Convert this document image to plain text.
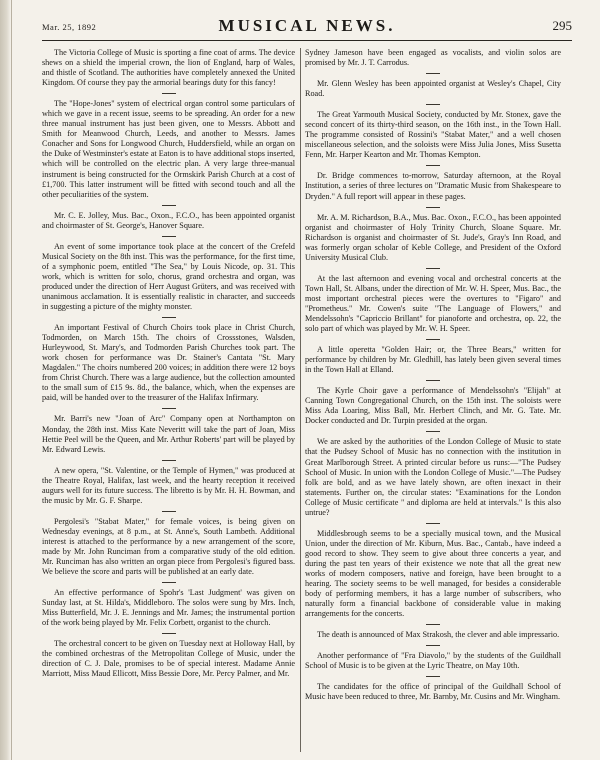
Mar. 25, 1892	MUSICAL NEWS.	295

The Victoria College of Music is sporting a fine coat of arms. The device shews on a shield the imperial crown, the lion of England, harp of Wales, and thistle of Scotland. The authorities have completely annexed the United Kingdom. Of course they pay the armorial bearings duty for this fancy!

The "Hope-Jones" system of electrical organ control some particulars of which we gave in a recent issue, seems to be spreading. An order for a new three manual instrument has just been given, one to Messrs. Abbott and Smith for Meanwood Church, Leeds, and another to Messrs. James Conacher and Sons for Longwood Church, Huddersfield, while an organ on the Duke of Westminster's estate at Eaton is to have additional stops inserted, which will be controlled on the electric plan. A very large three-manual instrument is being constructed for the Ormskirk Parish Church at a cost of £1,700. This latter instrument will be fitted with second touch and all the other peculiarities of the system.

Mr. C. E. Jolley, Mus. Bac., Oxon., F.C.O., has been appointed organist and choirmaster of St. George's, Hanover Square.

An event of some importance took place at the concert of the Crefeld Musical Society on the 8th inst. This was the performance, for the first time, of a symphonic poem, entitled "The Sea," by Louis Nicode, op. 31. This work, which is written for solo, chorus, grand orchestra and organ, was produced under the direction of Herr August Grüters, and was received with unanimous acclamation. It is essentially realistic in character, and succeeds in suggesting a picture of the mighty monster.

An important Festival of Church Choirs took place in Christ Church, Todmorden, on March 15th. The choirs of Crossstones, Walsden, Hurleywood, St. Mary's, and Todmorden Parish Churches took part. The work chosen for performance was Dr. Stainer's Cantata "St. Mary Magdalen." The choirs numbered 200 voices; in addition there were 12 boys from Christ Church. There was a large audience, but the collection amounted to the small sum of £15 9s. 8d., the balance, which, when the expenses are paid, will be handed over to the treasurer of the Halifax Infirmary.

Mr. Barri's new "Joan of Arc" Company open at Northampton on Monday, the 28th inst. Miss Kate Neveritt will take the part of Joan, Miss Hettie Peel will be the Queen, and Mr. Arthur Roberts' part will be played by Mr. Edward Lewis.

A new opera, "St. Valentine, or the Temple of Hymen," was produced at the Theatre Royal, Halifax, last week, and the hearty reception it received augurs well for its future success. The libretto is by Mr. H. H. Bowman, and the music by Mr. G. F. Sharpe.

Pergolesi's "Stabat Mater," for female voices, is being given on Wednesday evenings, at 8 p.m., at St. Anne's, South Lambeth. Additional interest is attached to the performance by a new arrangement of the score, made by Mr. John Runciman from a comparative study of the old edition. Mr. Runciman has also written an organ piece from Pergolesi's figured bass. We believe the score and parts will be published at an early date.

An effective performance of Spohr's 'Last Judgment' was given on Sunday last, at St. Hilda's, Middleboro. The solos were sung by Mrs. Inch, Miss Butterfield, Mr. J. E. Jennings and Mr. James; the instrumental portion of the work being played by Mr. Felix Corbett, organist to the church.

The orchestral concert to be given on Tuesday next at Holloway Hall, by the combined orchestras of the Metropolitan College of Music, under the direction of C. J. Dale, promises to be of special interest. Madame Annie Marriott, Miss Maud Ellicott, Miss Bessie Dore, Mr. Percy Palmer, and Mr.

Sydney Jameson have been engaged as vocalists, and violin solos are promised by Mr. J. T. Carrodus.

Mr. Glenn Wesley has been appointed organist at Wesley's Chapel, City Road.

The Great Yarmouth Musical Society, conducted by Mr. Stonex, gave the second concert of its thirty-third season, on the 16th inst., in the Town Hall. The programme consisted of Rossini's "Stabat Mater," and a well chosen miscellaneous selection, and the soloists were Miss Julia Jones, Miss Susetta Fenn, Mr. Harper Kearton and Mr. Thomas Kempton.

Dr. Bridge commences to-morrow, Saturday afternoon, at the Royal Institution, a series of three lectures on "Dramatic Music from Shakespeare to Dryden." A full report will appear in these pages.

Mr. A. M. Richardson, B.A., Mus. Bac. Oxon., F.C.O., has been appointed organist and choirmaster of Holy Trinity Church, Sloane Square. Mr. Richardson is organist and choirmaster of St. Jude's, Gray's Inn Road, and was formerly organ scholar of Keble College, and President of the Oxford University Musical Club.

At the last afternoon and evening vocal and orchestral concerts at the Town Hall, St. Albans, under the direction of Mr. W. H. Speer, Mus. Bac., the most important orchestral pieces were the overtures to "Figaro" and "Prometheus." Mr. Cowen's suite "The Language of Flowers," and Mendelssohn's "Capriccio Brillant" for pianoforte and orchestra, op. 22, the solo part of which was played by Mr. W. H. Speer.

A little operetta "Golden Hair; or, the Three Bears," written for performance by children by Mr. Gledhill, has lately been given several times in the Town Hall at Elland.

The Kyrle Choir gave a performance of Mendelssohn's "Elijah" at Canning Town Congregational Church, on the 15th inst. The soloists were Miss Ada Loaring, Miss Ball, Mr. Herbert Clinch, and Mr. G. Tate. Mr. Docker conducted and Dr. Turpin presided at the organ.

We are asked by the authorities of the London College of Music to state that the Pudsey School of Music has no connection with the institution in Great Marlborough Street. A printed circular before us runs:—"The Pudsey School of Music. In union with the London College of Music."—The Pudsey folk are bold, and as we have lately shown, are often inexact in their statements. Further on, the circular states: "Examinations for the London College of Music certificate " and diploma are held at intervals." Is this also untrue?

Middlesbrough seems to be a specially musical town, and the Musical Union, under the direction of Mr. Kiburn, Mus. Bac., Cantab., have indeed a good record to show. They seem to give about three concerts a year, and during the past ten years of their existence we note that all the great new works of modern composers, native and foreign, have been brought to a hearing. The society seems to be well managed, for besides a considerable body of performing members, it has a large number of subscribers, who naturally form a financial backbone of considerable value in making arrangements for the concerts.

The death is announced of Max Strakosh, the clever and able impressario.

Another performance of "Fra Diavolo," by the students of the Guildhall School of Music is to be given at the Lyric Theatre, on May 10th.

The candidates for the office of principal of the Guildhall School of Music have been reduced to three, Mr. Barnby, Mr. Cusins and Mr. Wingham.
